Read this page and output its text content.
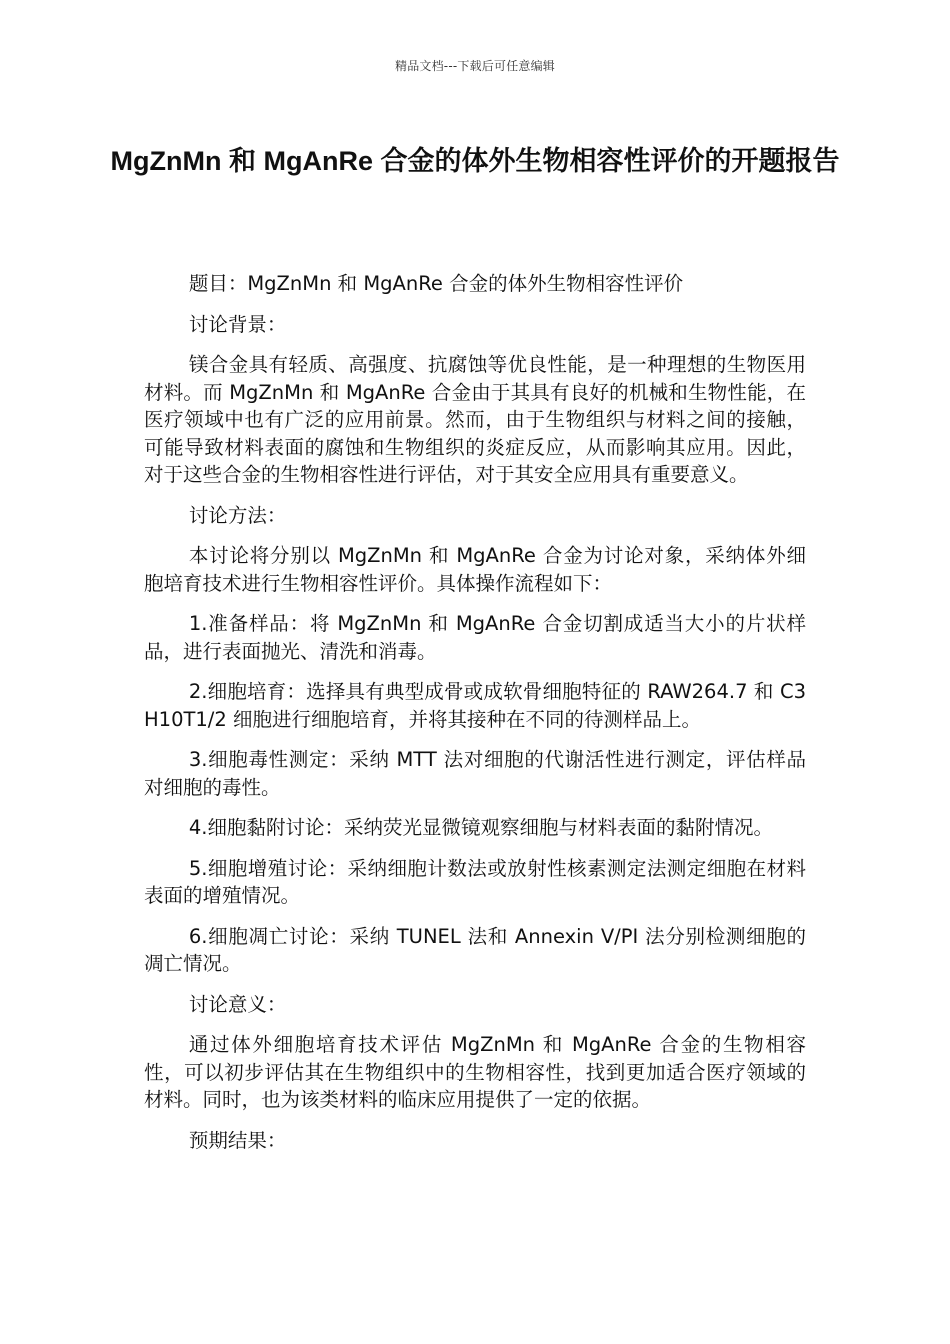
精品文档---下载后可任意编辑
MgZnMn 和 MgAnRe 合金的体外生物相容性评价的开题报告

题目：MgZnMn 和 MgAnRe 合金的体外生物相容性评价

讨论背景：

镁合金具有轻质、高强度、抗腐蚀等优良性能，是一种理想的生物医用材料。而 MgZnMn 和 MgAnRe 合金由于其具有良好的机械和生物性能，在医疗领域中也有广泛的应用前景。然而，由于生物组织与材料之间的接触，可能导致材料表面的腐蚀和生物组织的炎症反应，从而影响其应用。因此，对于这些合金的生物相容性进行评估，对于其安全应用具有重要意义。

讨论方法：

本讨论将分别以 MgZnMn 和 MgAnRe 合金为讨论对象，采纳体外细胞培育技术进行生物相容性评价。具体操作流程如下：

1.准备样品：将 MgZnMn 和 MgAnRe 合金切割成适当大小的片状样品，进行表面抛光、清洗和消毒。

2.细胞培育：选择具有典型成骨或成软骨细胞特征的 RAW264.7 和 C3H10T1/2 细胞进行细胞培育，并将其接种在不同的待测样品上。

3.细胞毒性测定：采纳 MTT 法对细胞的代谢活性进行测定，评估样品对细胞的毒性。

4.细胞黏附讨论：采纳荧光显微镜观察细胞与材料表面的黏附情况。

5.细胞增殖讨论：采纳细胞计数法或放射性核素测定法测定细胞在材料表面的增殖情况。

6.细胞凋亡讨论：采纳 TUNEL 法和 Annexin V/PI 法分别检测细胞的凋亡情况。

讨论意义：

通过体外细胞培育技术评估 MgZnMn 和 MgAnRe 合金的生物相容性，可以初步评估其在生物组织中的生物相容性，找到更加适合医疗领域的材料。同时，也为该类材料的临床应用提供了一定的依据。

预期结果：
